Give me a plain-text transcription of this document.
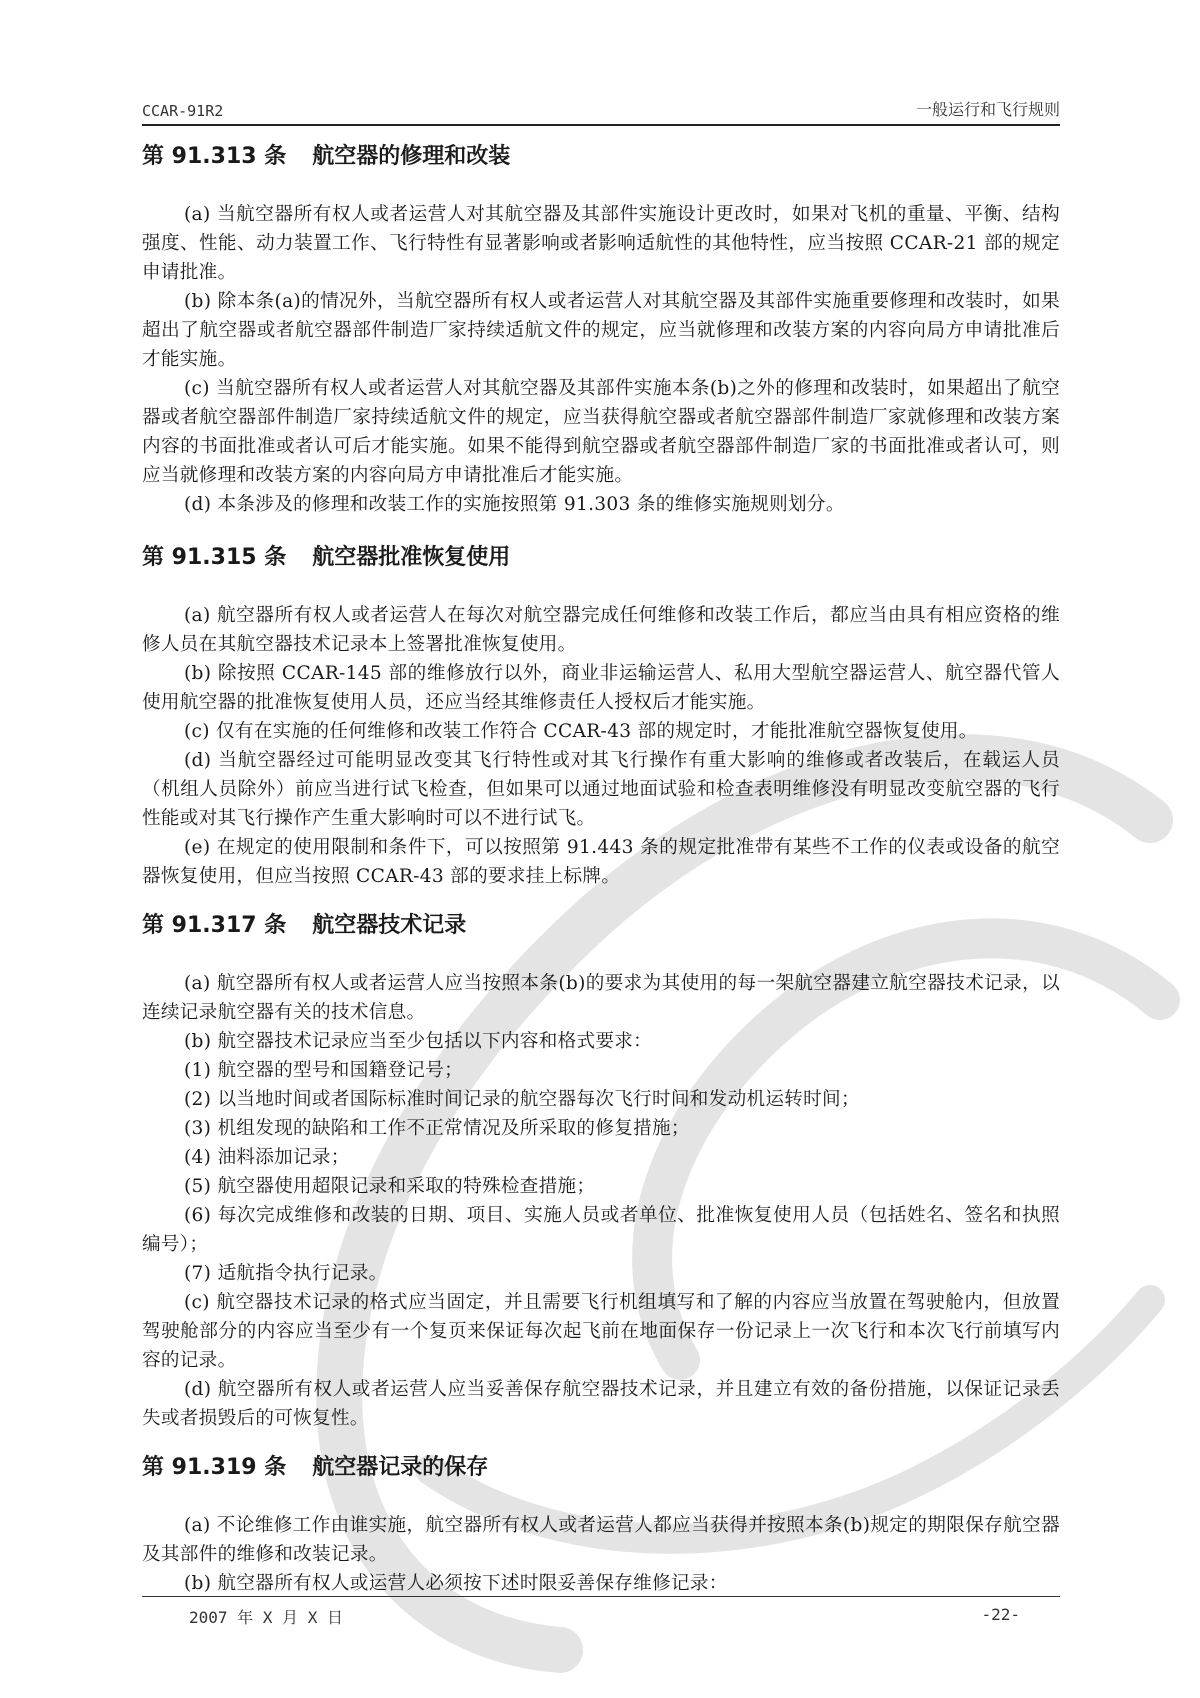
CCAR-91R2	一般运行和飞行规则
第 91.313 条 航空器的修理和改装

(a) 当航空器所有权人或者运营人对其航空器及其部件实施设计更改时，如果对飞机的重量、平衡、结构强度、性能、动力装置工作、飞行特性有显著影响或者影响适航性的其他特性，应当按照 CCAR-21 部的规定申请批准。

(b) 除本条(a)的情况外，当航空器所有权人或者运营人对其航空器及其部件实施重要修理和改装时，如果超出了航空器或者航空器部件制造厂家持续适航文件的规定，应当就修理和改装方案的内容向局方申请批准后才能实施。

(c) 当航空器所有权人或者运营人对其航空器及其部件实施本条(b)之外的修理和改装时，如果超出了航空器或者航空器部件制造厂家持续适航文件的规定，应当获得航空器或者航空器部件制造厂家就修理和改装方案内容的书面批准或者认可后才能实施。如果不能得到航空器或者航空器部件制造厂家的书面批准或者认可，则应当就修理和改装方案的内容向局方申请批准后才能实施。

(d) 本条涉及的修理和改装工作的实施按照第 91.303 条的维修实施规则划分。

第 91.315 条 航空器批准恢复使用

(a) 航空器所有权人或者运营人在每次对航空器完成任何维修和改装工作后，都应当由具有相应资格的维修人员在其航空器技术记录本上签署批准恢复使用。

(b) 除按照 CCAR-145 部的维修放行以外，商业非运输运营人、私用大型航空器运营人、航空器代管人使用航空器的批准恢复使用人员，还应当经其维修责任人授权后才能实施。

(c) 仅有在实施的任何维修和改装工作符合 CCAR-43 部的规定时，才能批准航空器恢复使用。

(d) 当航空器经过可能明显改变其飞行特性或对其飞行操作有重大影响的维修或者改装后，在载运人员（机组人员除外）前应当进行试飞检查，但如果可以通过地面试验和检查表明维修没有明显改变航空器的飞行性能或对其飞行操作产生重大影响时可以不进行试飞。

(e) 在规定的使用限制和条件下，可以按照第 91.443 条的规定批准带有某些不工作的仪表或设备的航空器恢复使用，但应当按照 CCAR-43 部的要求挂上标牌。

第 91.317 条 航空器技术记录

(a) 航空器所有权人或者运营人应当按照本条(b)的要求为其使用的每一架航空器建立航空器技术记录，以连续记录航空器有关的技术信息。

(b) 航空器技术记录应当至少包括以下内容和格式要求：

(1) 航空器的型号和国籍登记号；

(2) 以当地时间或者国际标准时间记录的航空器每次飞行时间和发动机运转时间；

(3) 机组发现的缺陷和工作不正常情况及所采取的修复措施；

(4) 油料添加记录；

(5) 航空器使用超限记录和采取的特殊检查措施；

(6) 每次完成维修和改装的日期、项目、实施人员或者单位、批准恢复使用人员（包括姓名、签名和执照编号）；

(7) 适航指令执行记录。

(c) 航空器技术记录的格式应当固定，并且需要飞行机组填写和了解的内容应当放置在驾驶舱内，但放置驾驶舱部分的内容应当至少有一个复页来保证每次起飞前在地面保存一份记录上一次飞行和本次飞行前填写内容的记录。

(d) 航空器所有权人或者运营人应当妥善保存航空器技术记录，并且建立有效的备份措施，以保证记录丢失或者损毁后的可恢复性。

第 91.319 条 航空器记录的保存

(a) 不论维修工作由谁实施，航空器所有权人或者运营人都应当获得并按照本条(b)规定的期限保存航空器及其部件的维修和改装记录。

(b) 航空器所有权人或运营人必须按下述时限妥善保存维修记录：

2007 年 X 月 X 日	-22-
